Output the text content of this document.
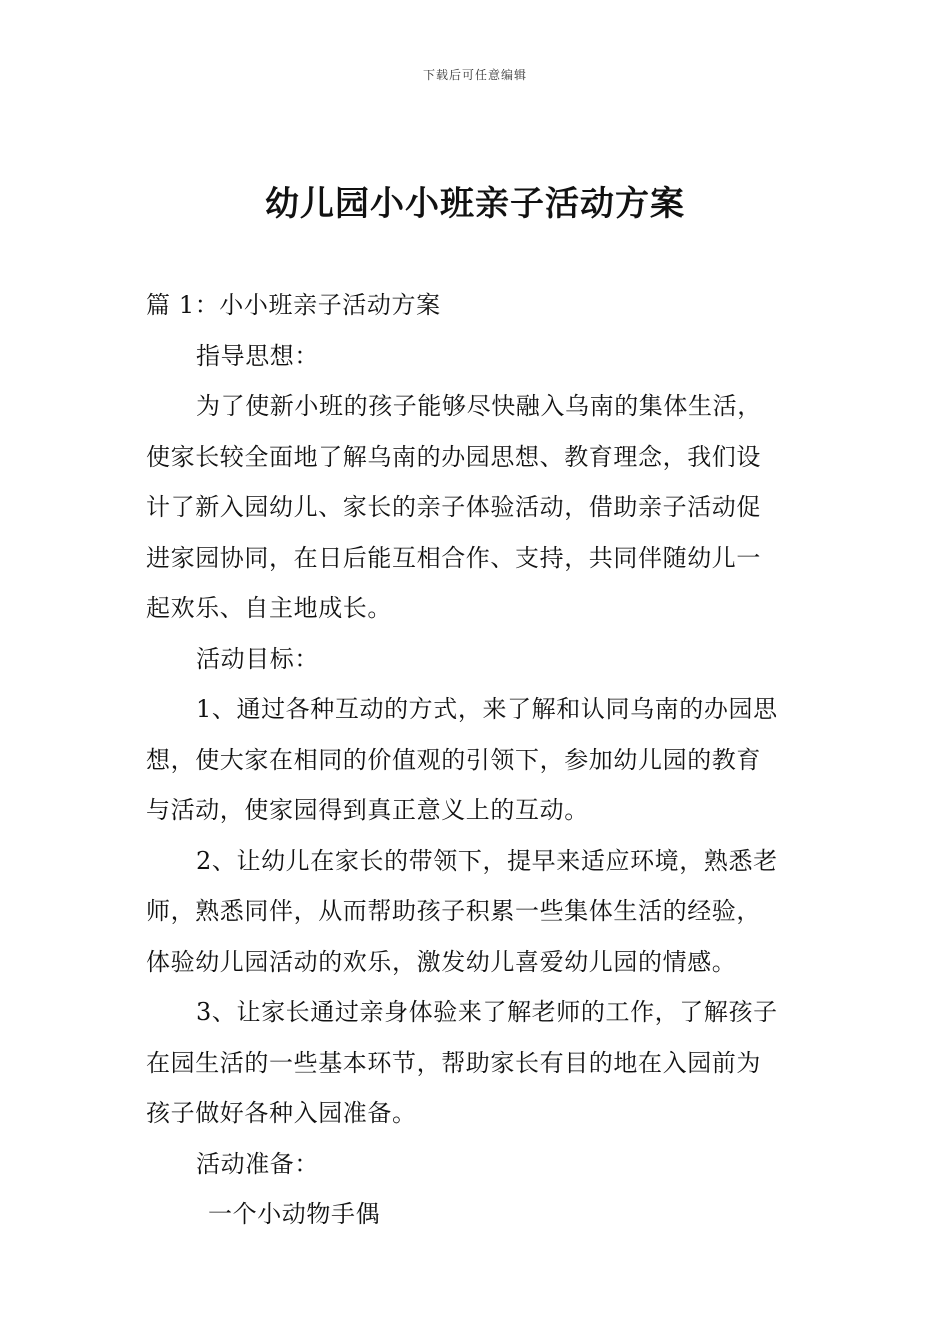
下载后可任意编辑
幼儿园小小班亲子活动方案
篇 1：小小班亲子活动方案
指导思想：
为了使新小班的孩子能够尽快融入乌南的集体生活，
使家长较全面地了解乌南的办园思想、教育理念，我们设
计了新入园幼儿、家长的亲子体验活动，借助亲子活动促
进家园协同，在日后能互相合作、支持，共同伴随幼儿一
起欢乐、自主地成长。
活动目标：
1、通过各种互动的方式，来了解和认同乌南的办园思
想，使大家在相同的价值观的引领下，参加幼儿园的教育
与活动，使家园得到真正意义上的互动。
2、让幼儿在家长的带领下，提早来适应环境，熟悉老
师，熟悉同伴，从而帮助孩子积累一些集体生活的经验，
体验幼儿园活动的欢乐，激发幼儿喜爱幼儿园的情感。
3、让家长通过亲身体验来了解老师的工作，了解孩子
在园生活的一些基本环节，帮助家长有目的地在入园前为
孩子做好各种入园准备。
活动准备：
一个小动物手偶
